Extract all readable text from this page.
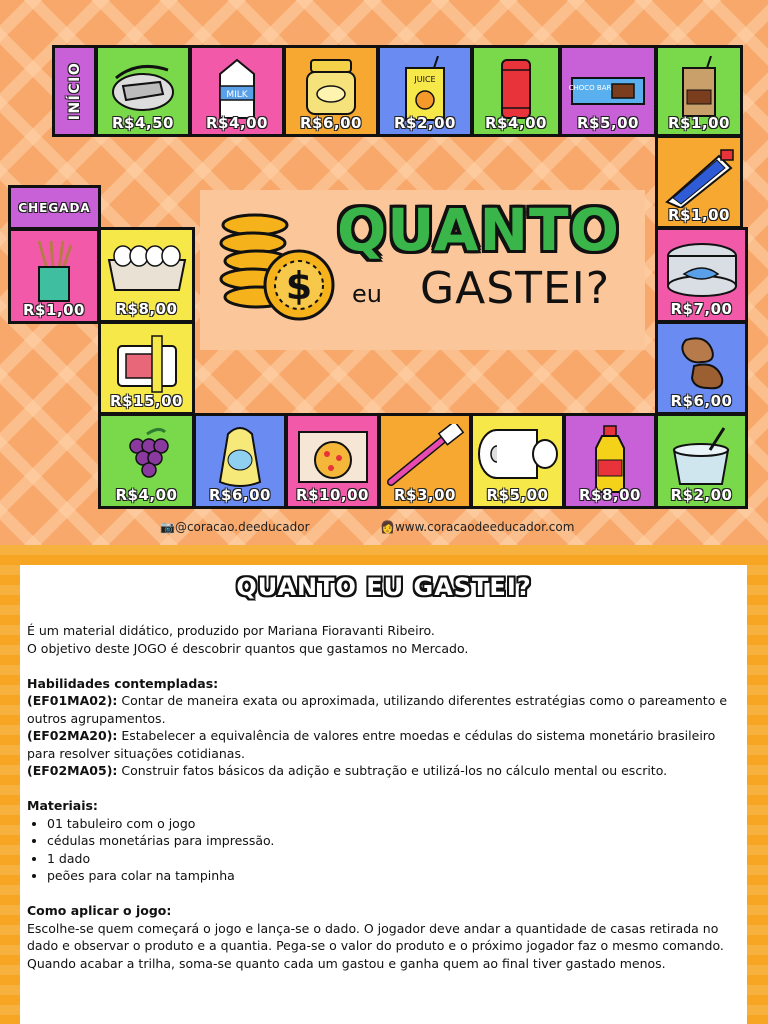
INÍCIO
R$4,50
MILK
R$4,00	R$6,00
JUICE
R$2,00	R$4,00
CHOCO BAR
R$5,00	R$1,00
R$1,00
R$7,00
R$6,00
R$2,00
R$8,00
R$5,00
R$3,00
R$10,00
R$6,00
R$4,00
R$15,00
R$8,00
R$1,00
CHEGADA
$
QUANTO
eu GASTEI?
📷@coracao.deeducador	👩www.coracaodeeducador.com
QUANTO EU GASTEI?

É um material didático, produzido por Mariana Fioravanti Ribeiro.

O objetivo deste JOGO é descobrir quantos que gastamos no Mercado.

Habilidades contempladas:

(EF01MA02): Contar de maneira exata ou aproximada, utilizando diferentes estratégias como o pareamento e outros agrupamentos.

(EF02MA20): Estabelecer a equivalência de valores entre moedas e cédulas do sistema monetário brasileiro para resolver situações cotidianas.

(EF02MA05): Construir fatos básicos da adição e subtração e utilizá-los no cálculo mental ou escrito.

Materiais:

• 01 tabuleiro com o jogo
• cédulas monetárias para impressão.
• 1 dado
• peões para colar na tampinha

Como aplicar o jogo:

Escolhe-se quem começará o jogo e lança-se o dado. O jogador deve andar a quantidade de casas retirada no dado e observar o produto e a quantia. Pega-se o valor do produto e o próximo jogador faz o mesmo comando. Quando acabar a trilha, soma-se quanto cada um gastou e ganha quem ao final tiver gastado menos.
